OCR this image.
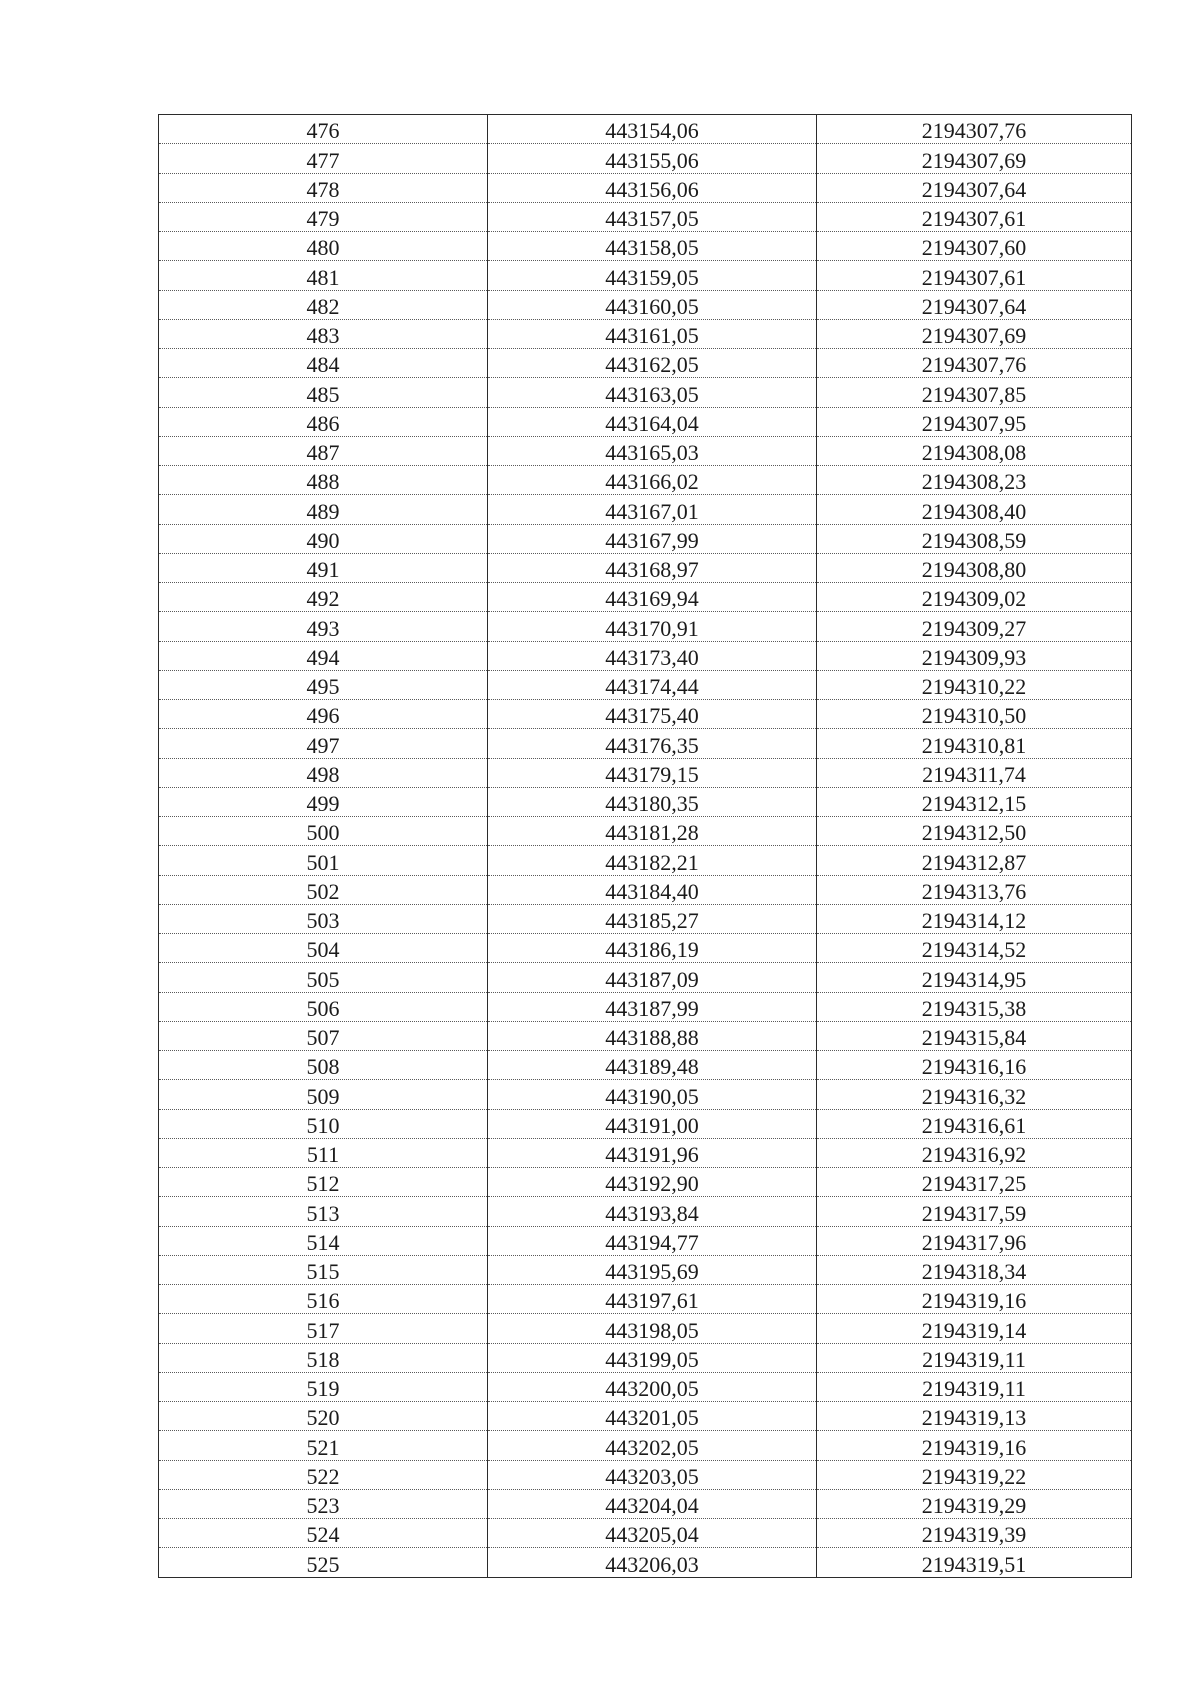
476	443154,06	2194307,76
477	443155,06	2194307,69
478	443156,06	2194307,64
479	443157,05	2194307,61
480	443158,05	2194307,60
481	443159,05	2194307,61
482	443160,05	2194307,64
483	443161,05	2194307,69
484	443162,05	2194307,76
485	443163,05	2194307,85
486	443164,04	2194307,95
487	443165,03	2194308,08
488	443166,02	2194308,23
489	443167,01	2194308,40
490	443167,99	2194308,59
491	443168,97	2194308,80
492	443169,94	2194309,02
493	443170,91	2194309,27
494	443173,40	2194309,93
495	443174,44	2194310,22
496	443175,40	2194310,50
497	443176,35	2194310,81
498	443179,15	2194311,74
499	443180,35	2194312,15
500	443181,28	2194312,50
501	443182,21	2194312,87
502	443184,40	2194313,76
503	443185,27	2194314,12
504	443186,19	2194314,52
505	443187,09	2194314,95
506	443187,99	2194315,38
507	443188,88	2194315,84
508	443189,48	2194316,16
509	443190,05	2194316,32
510	443191,00	2194316,61
511	443191,96	2194316,92
512	443192,90	2194317,25
513	443193,84	2194317,59
514	443194,77	2194317,96
515	443195,69	2194318,34
516	443197,61	2194319,16
517	443198,05	2194319,14
518	443199,05	2194319,11
519	443200,05	2194319,11
520	443201,05	2194319,13
521	443202,05	2194319,16
522	443203,05	2194319,22
523	443204,04	2194319,29
524	443205,04	2194319,39
525	443206,03	2194319,51
